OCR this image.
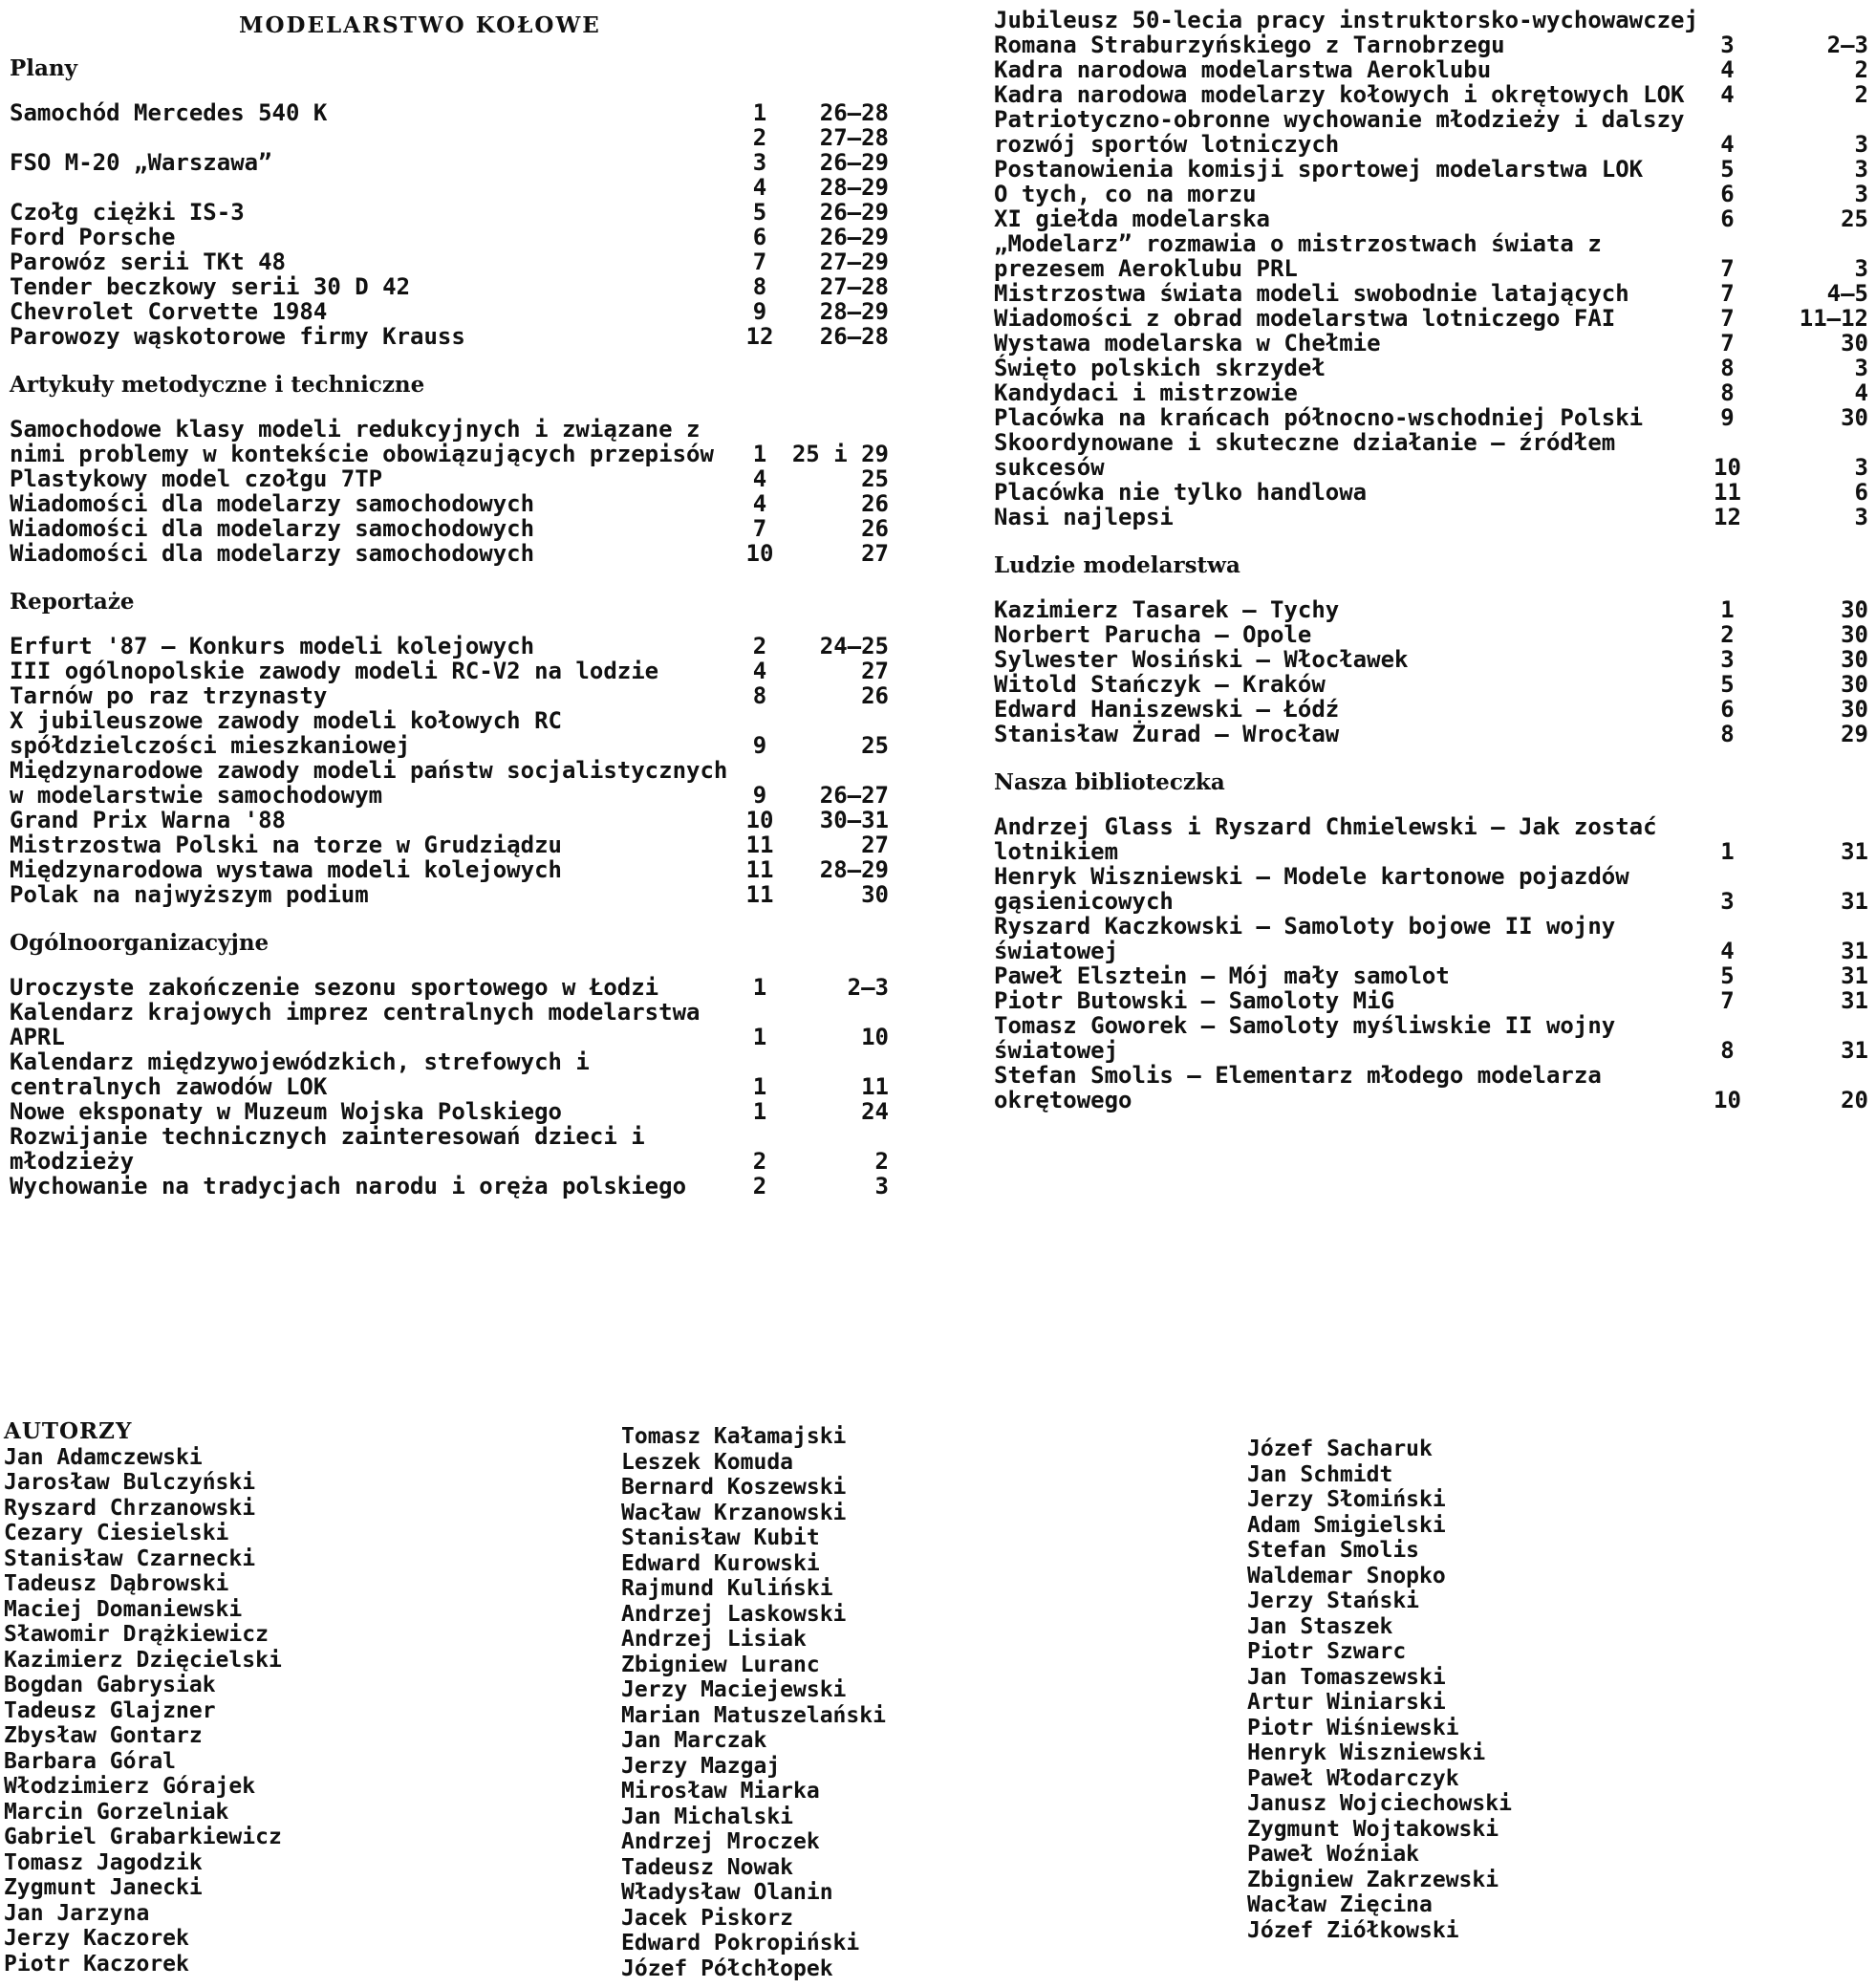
MODELARSTWO KOŁOWE
Plany
Samochód Mercedes 540 K	1	26—28
2	27—28
FSO M-20 „Warszawa”	3	26—29
4	28—29
Czołg ciężki IS-3	5	26—29
Ford Porsche	6	26—29
Parowóz serii TKt 48	7	27—29
Tender beczkowy serii 30 D 42	8	27—28
Chevrolet Corvette 1984	9	28—29
Parowozy wąskotorowe firmy Krauss	12	26—28
Artykuły metodyczne i techniczne
Samochodowe klasy modeli redukcyjnych i związane z nimi problemy w kontekście obowiązujących przepisów	1	25 i 29
Plastykowy model czołgu 7TP	4	25
Wiadomości dla modelarzy samochodowych	4	26
Wiadomości dla modelarzy samochodowych	7	26
Wiadomości dla modelarzy samochodowych	10	27
Reportaże
Erfurt '87 — Konkurs modeli kolejowych	2	24—25
III ogólnopolskie zawody modeli RC-V2 na lodzie	4	27
Tarnów po raz trzynasty	8	26
X jubileuszowe zawody modeli kołowych RC spółdzielczości mieszkaniowej	9	25
Międzynarodowe zawody modeli państw socjalistycznych w modelarstwie samochodowym	9	26—27
Grand Prix Warna '88	10	30—31
Mistrzostwa Polski na torze w Grudziądzu	11	27
Międzynarodowa wystawa modeli kolejowych	11	28—29
Polak na najwyższym podium	11	30
Ogólnoorganizacyjne
Uroczyste zakończenie sezonu sportowego w Łodzi	1	2—3
Kalendarz krajowych imprez centralnych modelarstwa APRL	1	10
Kalendarz międzywojewódzkich, strefowych i centralnych zawodów LOK	1	11
Nowe eksponaty w Muzeum Wojska Polskiego	1	24
Rozwijanie technicznych zainteresowań dzieci i młodzieży	2	2
Wychowanie na tradycjach narodu i oręża polskiego	2	3
Jubileusz 50-lecia pracy instruktorsko-wychowawczej Romana Straburzyńskiego z Tarnobrzegu	3	2—3
Kadra narodowa modelarstwa Aeroklubu	4	2
Kadra narodowa modelarzy kołowych i okrętowych LOK	4	2
Patriotyczno-obronne wychowanie młodzieży i dalszy rozwój sportów lotniczych	4	3
Postanowienia komisji sportowej modelarstwa LOK	5	3
O tych, co na morzu	6	3
XI giełda modelarska	6	25
„Modelarz” rozmawia o mistrzostwach świata z prezesem Aeroklubu PRL	7	3
Mistrzostwa świata modeli swobodnie latających	7	4—5
Wiadomości z obrad modelarstwa lotniczego FAI	7	11—12
Wystawa modelarska w Chełmie	7	30
Święto polskich skrzydeł	8	3
Kandydaci i mistrzowie	8	4
Placówka na krańcach północno-wschodniej Polski	9	30
Skoordynowane i skuteczne działanie — źródłem sukcesów	10	3
Placówka nie tylko handlowa	11	6
Nasi najlepsi	12	3
Ludzie modelarstwa
Kazimierz Tasarek — Tychy	1	30
Norbert Parucha — Opole	2	30
Sylwester Wosiński — Włocławek	3	30
Witold Stańczyk — Kraków	5	30
Edward Haniszewski — Łódź	6	30
Stanisław Żurad — Wrocław	8	29
Nasza biblioteczka
Andrzej Glass i Ryszard Chmielewski — Jak zostać lotnikiem	1	31
Henryk Wiszniewski — Modele kartonowe pojazdów gąsienicowych	3	31
Ryszard Kaczkowski — Samoloty bojowe II wojny światowej	4	31
Paweł Elsztein — Mój mały samolot	5	31
Piotr Butowski — Samoloty MiG	7	31
Tomasz Goworek — Samoloty myśliwskie II wojny światowej	8	31
Stefan Smolis — Elementarz młodego modelarza okrętowego	10	20
AUTORZY
Jan Adamczewski
Jarosław Bulczyński
Ryszard Chrzanowski
Cezary Ciesielski
Stanisław Czarnecki
Tadeusz Dąbrowski
Maciej Domaniewski
Sławomir Drążkiewicz
Kazimierz Dzięcielski
Bogdan Gabrysiak
Tadeusz Glajzner
Zbysław Gontarz
Barbara Góral
Włodzimierz Górajek
Marcin Gorzelniak
Gabriel Grabarkiewicz
Tomasz Jagodzik
Zygmunt Janecki
Jan Jarzyna
Jerzy Kaczorek
Piotr Kaczorek
Tomasz Kałamajski
Leszek Komuda
Bernard Koszewski
Wacław Krzanowski
Stanisław Kubit
Edward Kurowski
Rajmund Kuliński
Andrzej Laskowski
Andrzej Lisiak
Zbigniew Luranc
Jerzy Maciejewski
Marian Matuszelański
Jan Marczak
Jerzy Mazgaj
Mirosław Miarka
Jan Michalski
Andrzej Mroczek
Tadeusz Nowak
Władysław Olanin
Jacek Piskorz
Edward Pokropiński
Józef Półchłopek
Józef Sacharuk
Jan Schmidt
Jerzy Słomiński
Adam Smigielski
Stefan Smolis
Waldemar Snopko
Jerzy Stański
Jan Staszek
Piotr Szwarc
Jan Tomaszewski
Artur Winiarski
Piotr Wiśniewski
Henryk Wiszniewski
Paweł Włodarczyk
Janusz Wojciechowski
Zygmunt Wojtakowski
Paweł Woźniak
Zbigniew Zakrzewski
Wacław Zięcina
Józef Ziółkowski
